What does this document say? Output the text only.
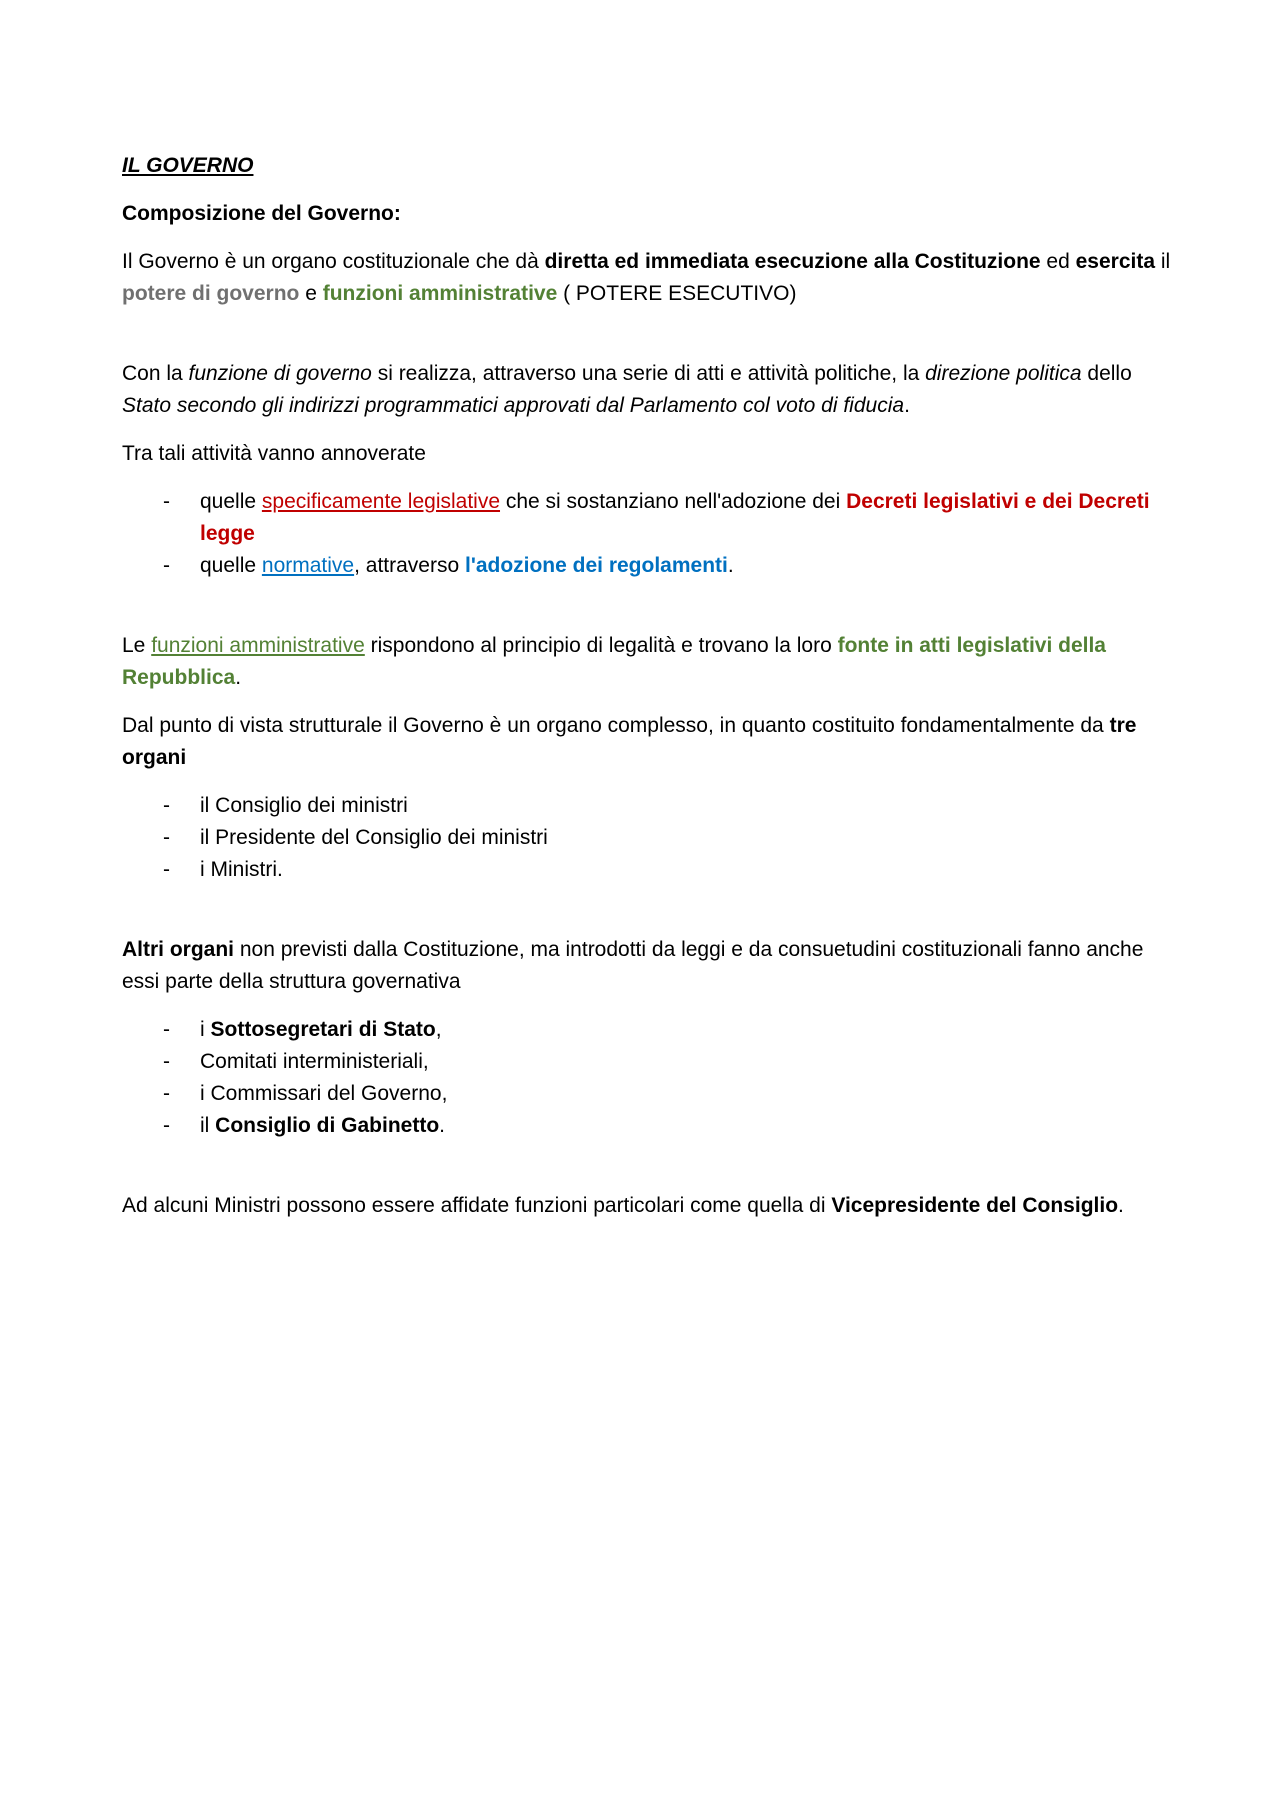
IL GOVERNO

Composizione del Governo:

Il Governo è un organo costituzionale che dà diretta ed immediata esecuzione alla Costituzione ed esercita il potere di governo e funzioni amministrative ( POTERE ESECUTIVO)

Con la funzione di governo si realizza, attraverso una serie di atti e attività politiche, la direzione politica dello Stato secondo gli indirizzi programmatici approvati dal Parlamento col voto di fiducia.

Tra tali attività vanno annoverate

- quelle specificamente legislative che si sostanziano nell'adozione dei Decreti legislativi e dei Decreti legge
- quelle normative, attraverso l'adozione dei regolamenti.

Le funzioni amministrative rispondono al principio di legalità e trovano la loro fonte in atti legislativi della Repubblica.

Dal punto di vista strutturale il Governo è un organo complesso, in quanto costituito fondamentalmente da tre organi

- il Consiglio dei ministri
- il Presidente del Consiglio dei ministri
- i Ministri.

Altri organi non previsti dalla Costituzione, ma introdotti da leggi e da consuetudini costituzionali fanno anche essi parte della struttura governativa

- i Sottosegretari di Stato,
- Comitati interministeriali,
- i Commissari del Governo,
- il Consiglio di Gabinetto.

Ad alcuni Ministri possono essere affidate funzioni particolari come quella di Vicepresidente del Consiglio.
